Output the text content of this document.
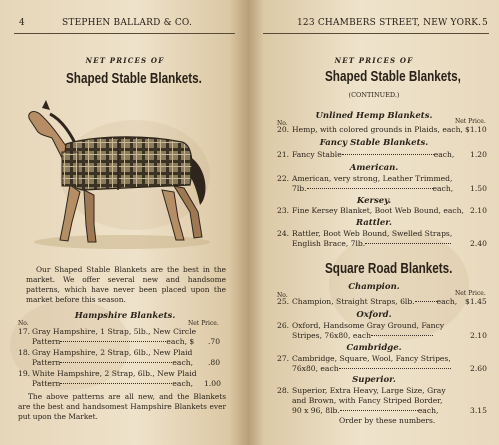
4	STEPHEN BALLARD & CO.
NET PRICES OF
Shaped Stable Blankets.
Our Shaped Stable Blankets are the best in the market. We offer several new and handsome patterns, which have never been placed upon the market before this season.
Hampshire Blankets.
No.	Net Price.
17. Gray Hampshire, 1 Strap, 5lb., New Circle
Pattern	each, $ .70
18. Gray Hampshire, 2 Strap, 6lb., New Plaid
Pattern	each, .80
19. White Hampshire, 2 Strap, 6lb., New Plaid
Pattern	each, 1.00
The above patterns are all new, and the Blankets are the best and handsomest Hampshire Blankets ever put upon the Market.
123 CHAMBERS STREET, NEW YORK. 5
NET PRICES OF
Shaped Stable Blankets,
(CONTINUED.)
Unlined Hemp Blankets.
No.	Net Price.
20. Hemp, with colored grounds in Plaids, each, $1.10
Fancy Stable Blankets.
21. Fancy Stable	each, 1.20
American.
22. American, very strong, Leather Trimmed,
7lb.	each, 1.50
Kersey.
23. Fine Kersey Blanket, Boot Web Bound, each, 2.10
Rattler.
24. Rattler, Boot Web Bound, Swelled Straps,
English Brace, 7lb.	2.40
Square Road Blankets.
Champion.
No.	Net Price.
25. Champion, Straight Straps, 6lb.	each, $1.45
Oxford.
26. Oxford, Handsome Gray Ground, Fancy
Stripes, 76x80, each	2.10
Cambridge.
27. Cambridge, Square, Wool, Fancy Stripes,
76x80, each	2.60
Superior.
28. Superior, Extra Heavy, Large Size, Gray
and Brown, with Fancy Striped Border,
90 x 96, 8lb.	each,	3.15
Order by these numbers.
